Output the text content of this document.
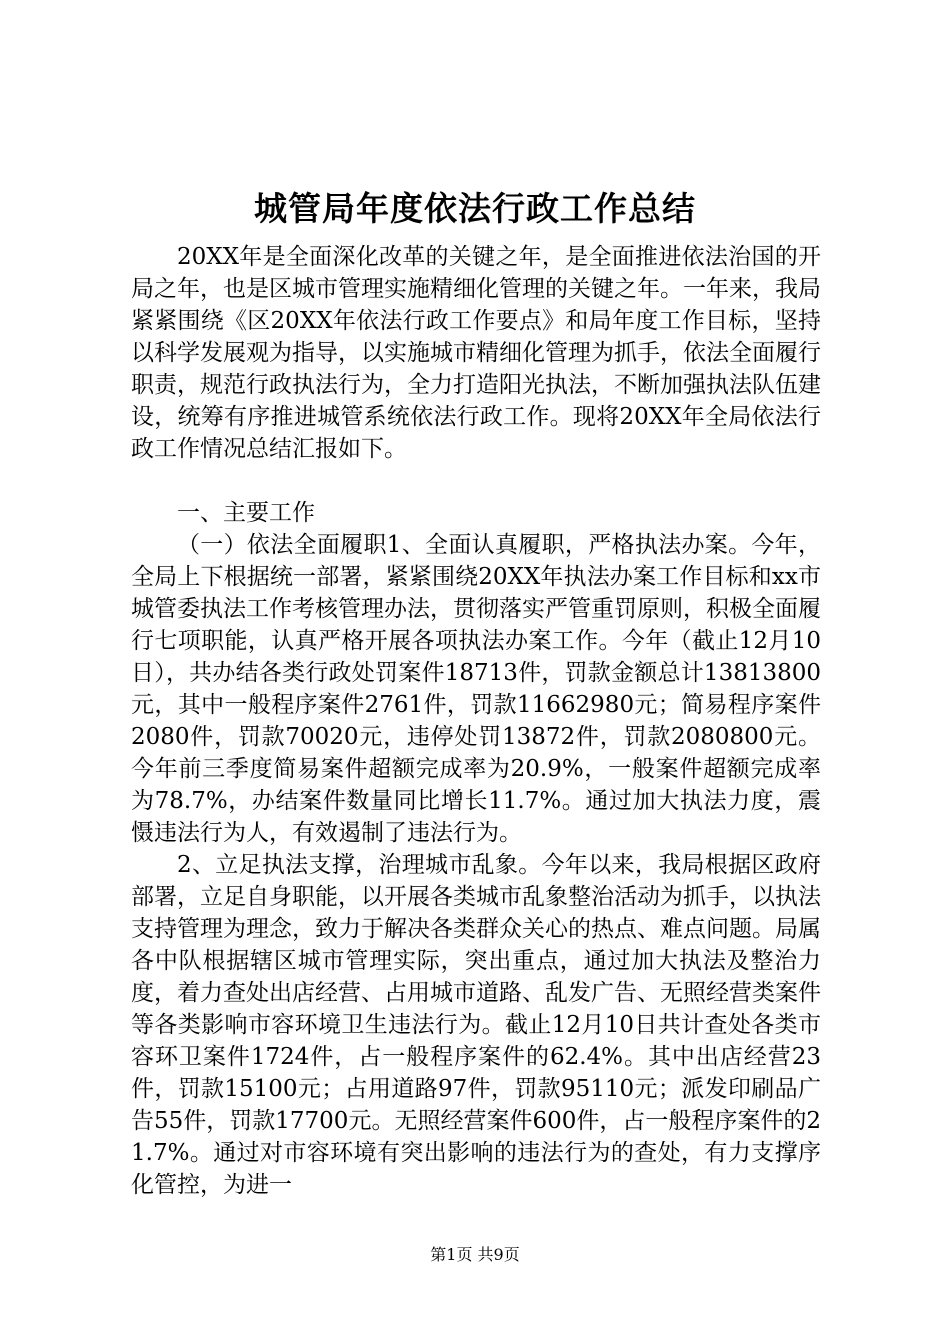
城管局年度依法行政工作总结

20XX年是全面深化改革的关键之年，是全面推进依法治国的开局之年，也是区城市管理实施精细化管理的关键之年。一年来，我局紧紧围绕《区20XX年依法行政工作要点》和局年度工作目标，坚持以科学发展观为指导，以实施城市精细化管理为抓手，依法全面履行职责，规范行政执法行为，全力打造阳光执法，不断加强执法队伍建设，统筹有序推进城管系统依法行政工作。现将20XX年全局依法行政工作情况总结汇报如下。

一、主要工作

（一）依法全面履职1、全面认真履职，严格执法办案。今年，全局上下根据统一部署，紧紧围绕20XX年执法办案工作目标和xx市城管委执法工作考核管理办法，贯彻落实严管重罚原则，积极全面履行七项职能，认真严格开展各项执法办案工作。今年（截止12月10日），共办结各类行政处罚案件18713件，罚款金额总计13813800元，其中一般程序案件2761件，罚款11662980元；简易程序案件2080件，罚款70020元，违停处罚13872件，罚款2080800元。今年前三季度简易案件超额完成率为20.9%，一般案件超额完成率为78.7%，办结案件数量同比增长11.7%。通过加大执法力度，震慑违法行为人，有效遏制了违法行为。

2、立足执法支撑，治理城市乱象。今年以来，我局根据区政府部署，立足自身职能，以开展各类城市乱象整治活动为抓手，以执法支持管理为理念，致力于解决各类群众关心的热点、难点问题。局属各中队根据辖区城市管理实际，突出重点，通过加大执法及整治力度，着力查处出店经营、占用城市道路、乱发广告、无照经营类案件等各类影响市容环境卫生违法行为。截止12月10日共计查处各类市容环卫案件1724件，占一般程序案件的62.4%。其中出店经营23件，罚款15100元；占用道路97件，罚款95110元；派发印刷品广告55件，罚款17700元。无照经营案件600件，占一般程序案件的21.7%。通过对市容环境有突出影响的违法行为的查处，有力支撑序化管控，为进一

第1页 共9页
